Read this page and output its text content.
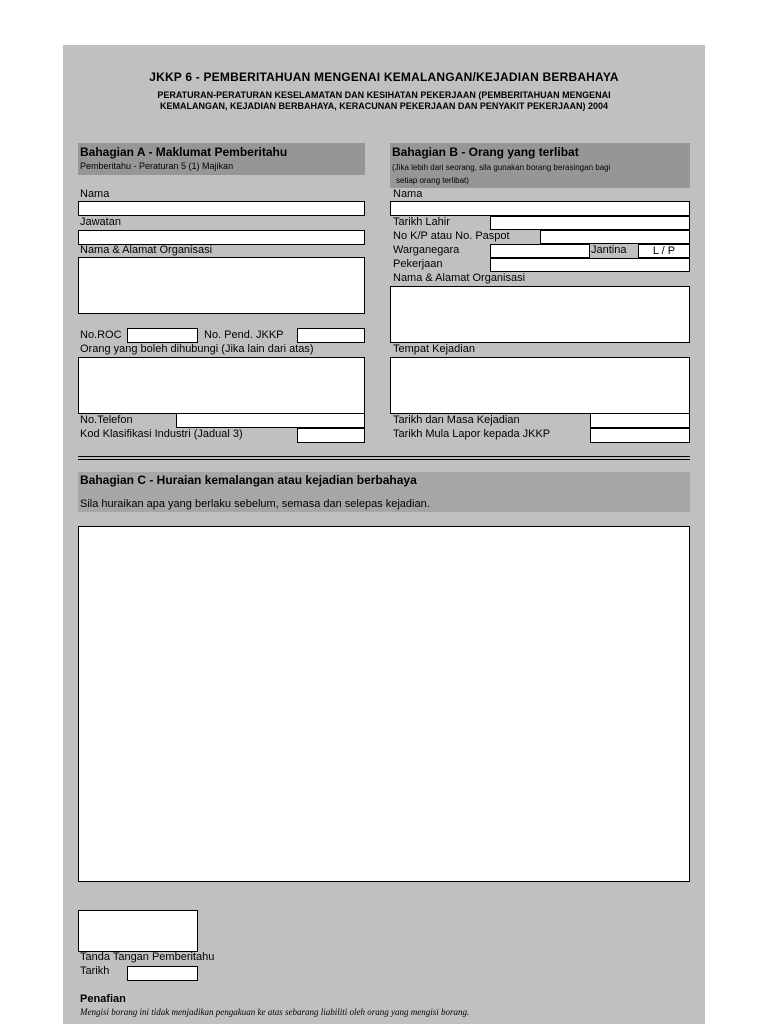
JKKP 6 - PEMBERITAHUAN MENGENAI KEMALANGAN/KEJADIAN BERBAHAYA
PERATURAN-PERATURAN KESELAMATAN DAN KESIHATAN PEKERJAAN (PEMBERITAHUAN MENGENAI
KEMALANGAN, KEJADIAN BERBAHAYA, KERACUNAN PEKERJAAN DAN PENYAKIT PEKERJAAN) 2004
Bahagian A - Maklumat Pemberitahu
Pemberitahu - Peraturan 5 (1) Majikan
Bahagian B - Orang yang terlibat
(Jika lebih dari seorang, sila gunakan borang berasingan bagi
setiap orang terlibat)
Nama
Jawatan
Nama & Alamat Organisasi
No.ROC	No. Pend. JKKP
Orang yang boleh dihubungi (Jika lain dari atas)
No.Telefon
Kod Klasifikasi Industri (Jadual 3)
Nama
Tarikh Lahir
No K/P atau No. Paspot
Warganegara	Jantina	L / P
Pekerjaan
Nama & Alamat Organisasi
Tempat Kejadian
Tarikh dan Masa Kejadian
Tarikh Mula Lapor kepada JKKP
Bahagian C - Huraian kemalangan atau kejadian berbahaya
Sila huraikan apa yang berlaku sebelum, semasa dan selepas kejadian.
Tanda Tangan Pemberitahu
Tarikh
Penafian
Mengisi borang ini tidak menjadikan pengakuan ke atas sebarang liabiliti oleh orang yang mengisi borang.
